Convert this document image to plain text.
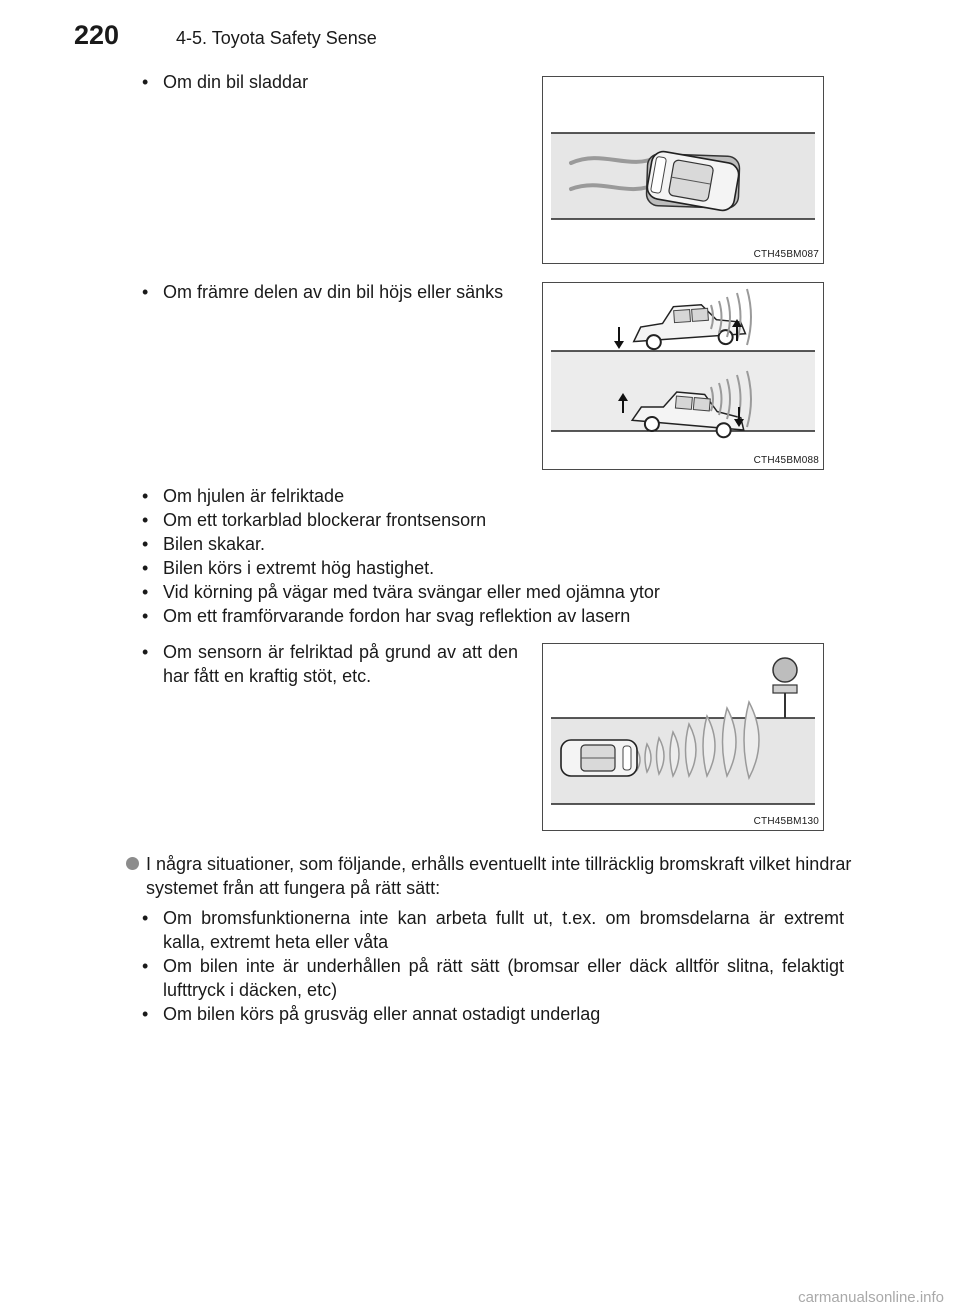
220	4-5. Toyota Safety Sense
• Om din bil sladdar
CTH45BM087
• Om främre delen av din bil höjs eller sänks
CTH45BM088
• Om hjulen är felriktade
• Om ett torkarblad blockerar frontsensorn
• Bilen skakar.
• Bilen körs i extremt hög hastighet.
• Vid körning på vägar med tvära svängar eller med ojämna ytor
• Om ett framförvarande fordon har svag reflektion av lasern
• Om sensorn är felriktad på grund av att den har fått en kraftig stöt, etc.
CTH45BM130
I några situationer, som följande, erhålls eventuellt inte tillräcklig bromskraft vilket hindrar systemet från att fungera på rätt sätt:
• Om bromsfunktionerna inte kan arbeta fullt ut, t.ex. om bromsdelarna är extremt kalla, extremt heta eller våta
• Om bilen inte är underhållen på rätt sätt (bromsar eller däck alltför slitna, felaktigt lufttryck i däcken, etc)
• Om bilen körs på grusväg eller annat ostadigt underlag
carmanualsonline.info
